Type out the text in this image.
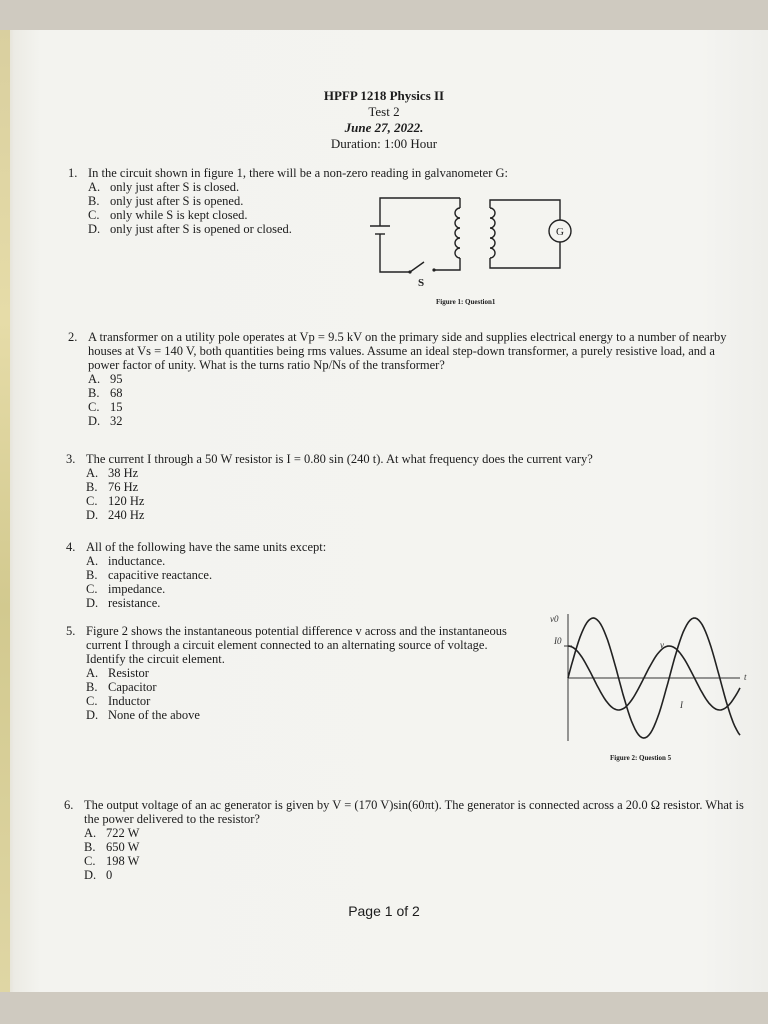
HPFP 1218 Physics II
Test 2
June 27, 2022.
Duration: 1:00 Hour
1. In the circuit shown in figure 1, there will be a non-zero reading in galvanometer G:
A. only just after S is closed.
B. only just after S is opened.
C. only while S is kept closed.
D. only just after S is opened or closed.	G
S
Figure 1: Question1
2. A transformer on a utility pole operates at Vp = 9.5 kV on the primary side and supplies electrical energy to a number of nearby houses at Vs = 140 V, both quantities being rms values. Assume an ideal step-down transformer, a purely resistive load, and a power factor of unity. What is the turns ratio Np/Ns of the transformer?
A. 95
B. 68
C. 15
D. 32
3. The current I through a 50 W resistor is I = 0.80 sin (240 t). At what frequency does the current vary?
A. 38 Hz
B. 76 Hz
C. 120 Hz
D. 240 Hz
4. All of the following have the same units except:
A. inductance.
B. capacitive reactance.
C. impedance.
D. resistance.
5. Figure 2 shows the instantaneous potential difference v across and the instantaneous current I through a circuit element connected to an alternating source of voltage. Identify the circuit element.
A. Resistor
B. Capacitor
C. Inductor
D. None of the above
v0
I0	v
I
t
Figure 2: Question 5
6. The output voltage of an ac generator is given by V = (170 V)sin(60πt). The generator is connected across a 20.0 Ω resistor. What is the power delivered to the resistor?
A. 722 W
B. 650 W
C. 198 W
D. 0
Page 1 of 2
